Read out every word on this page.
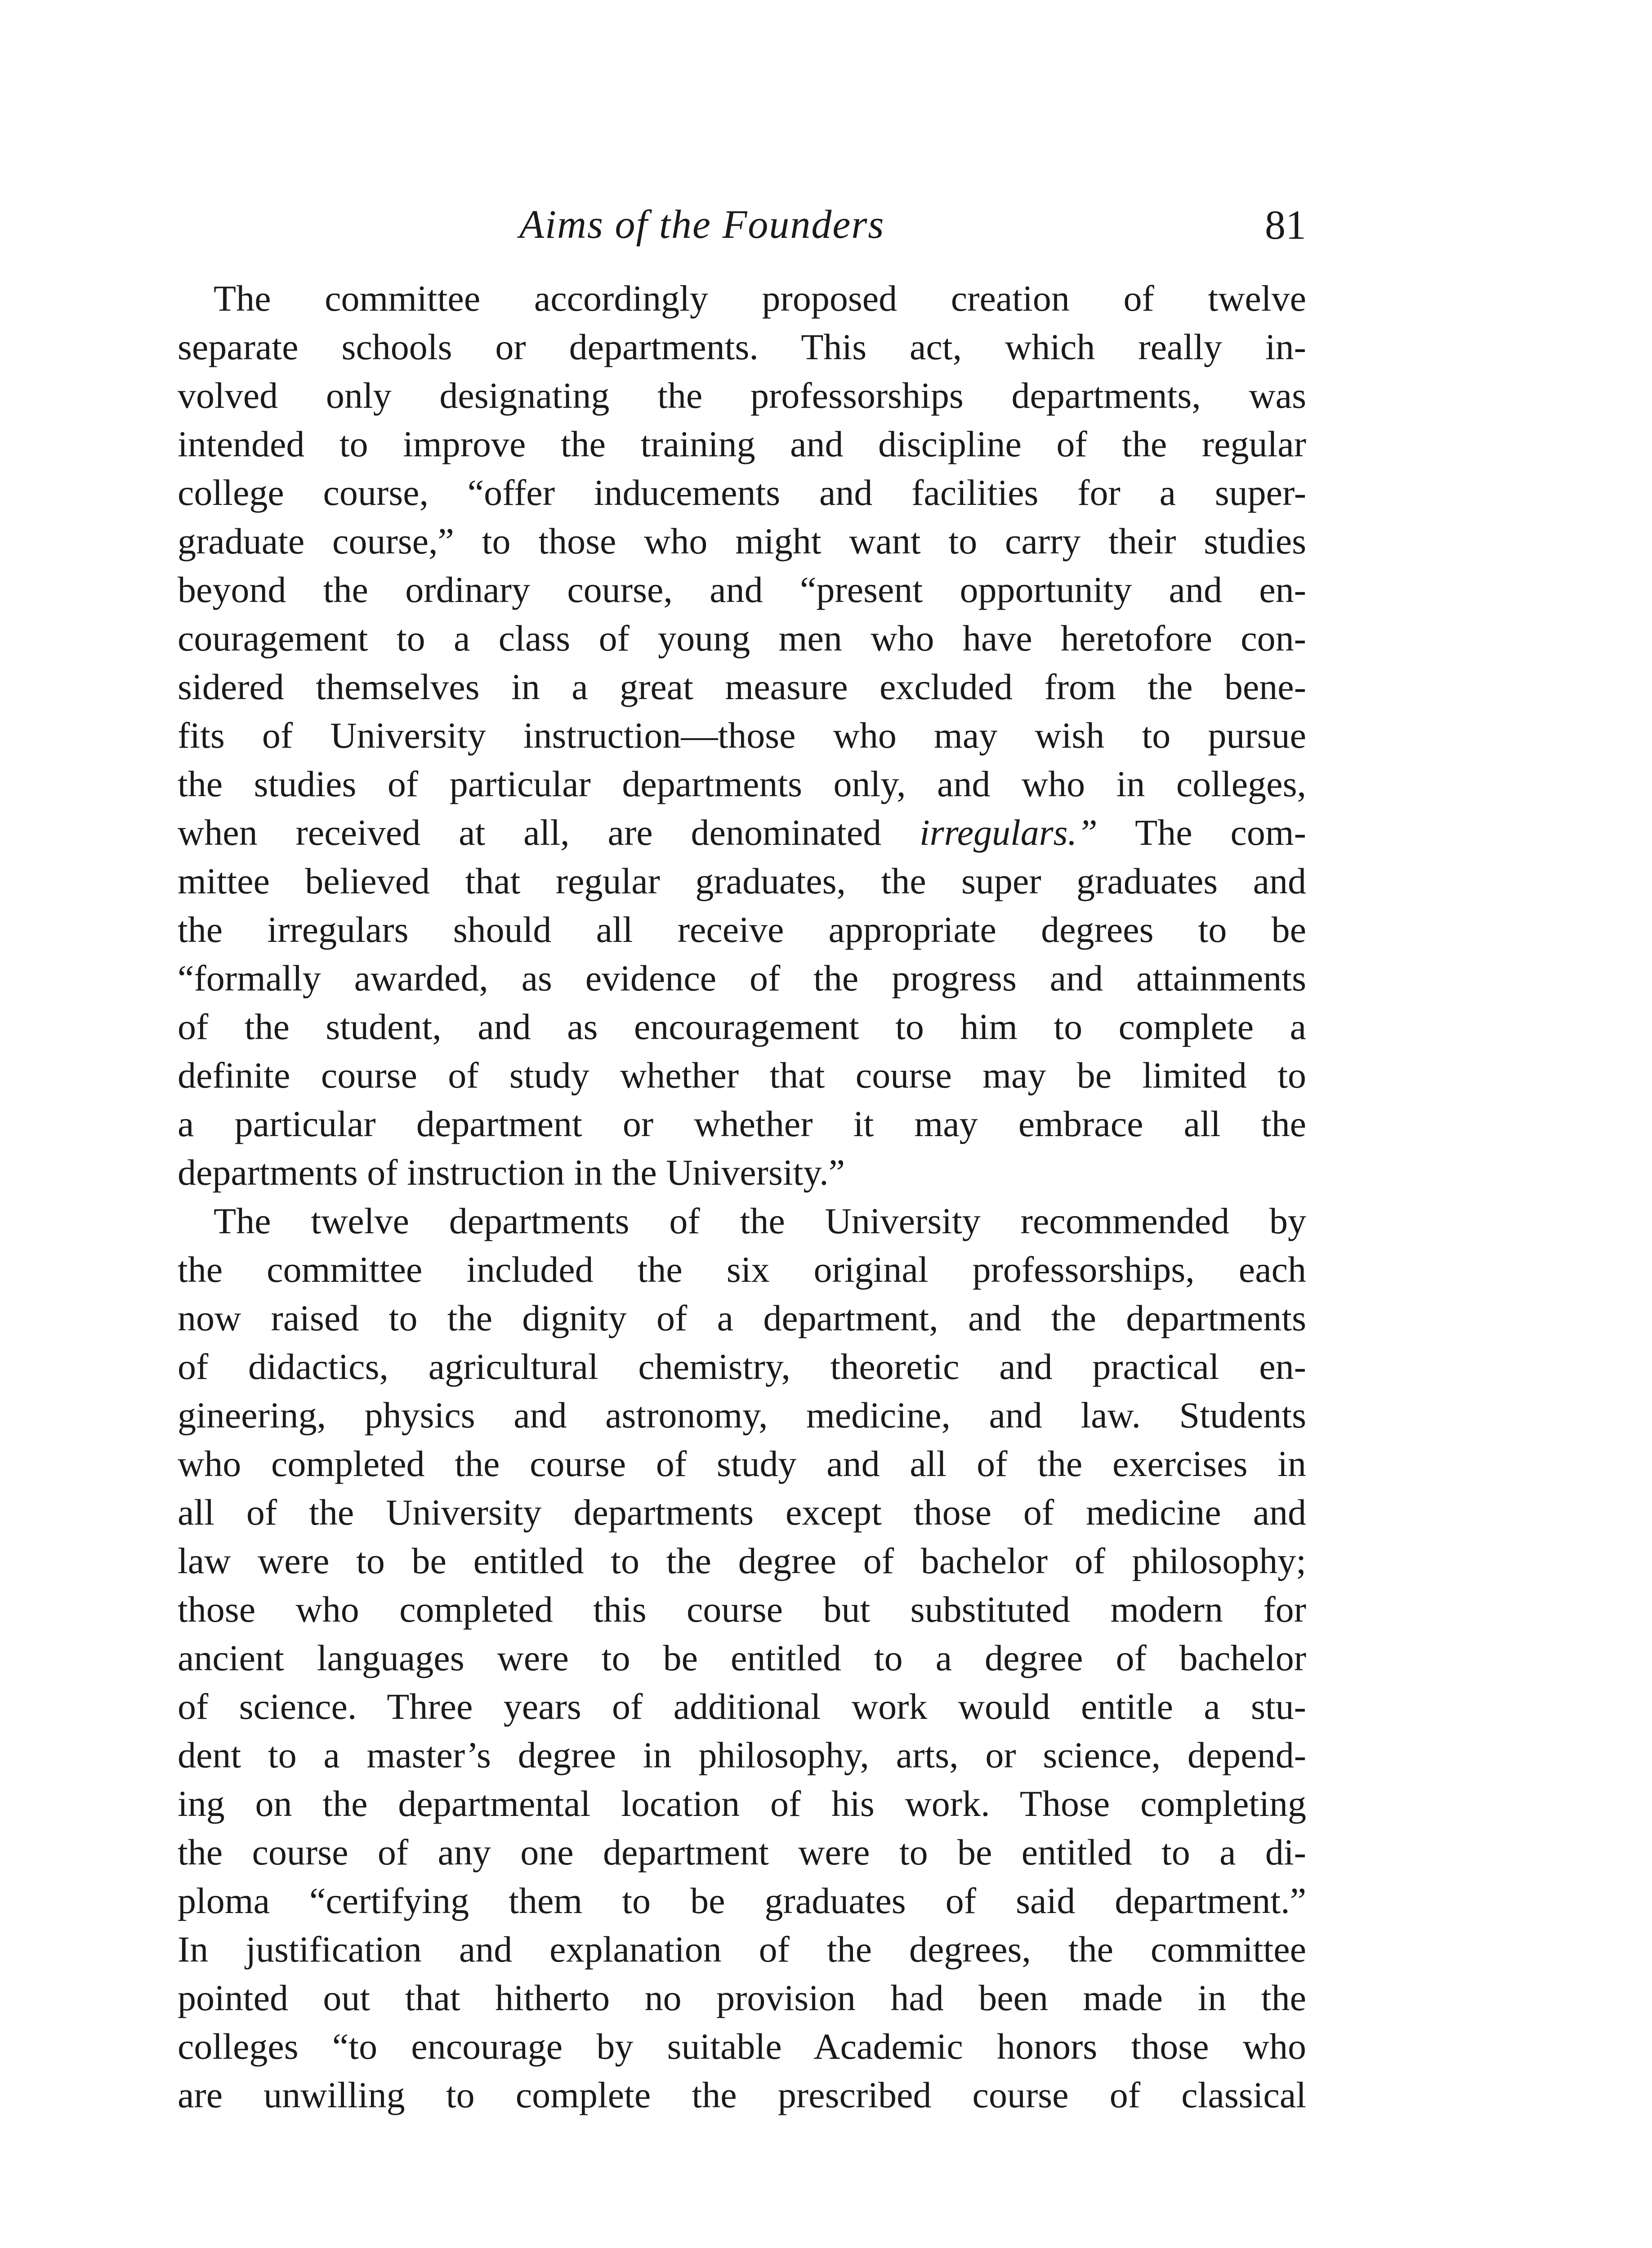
Aims of the Founders	81
The committee accordingly proposed creation of twelve
separate schools or departments. This act, which really in-
volved only designating the professorships departments, was
intended to improve the training and discipline of the regular
college course, “offer inducements and facilities for a super-
graduate course,” to those who might want to carry their studies
beyond the ordinary course, and “present opportunity and en-
couragement to a class of young men who have heretofore con-
sidered themselves in a great measure excluded from the bene-
fits of University instruction—those who may wish to pursue
the studies of particular departments only, and who in colleges,
when received at all, are denominated irregulars.” The com-
mittee believed that regular graduates, the super graduates and
the irregulars should all receive appropriate degrees to be
“formally awarded, as evidence of the progress and attainments
of the student, and as encouragement to him to complete a
definite course of study whether that course may be limited to
a particular department or whether it may embrace all the
departments of instruction in the University.”
The twelve departments of the University recommended by
the committee included the six original professorships, each
now raised to the dignity of a department, and the departments
of didactics, agricultural chemistry, theoretic and practical en-
gineering, physics and astronomy, medicine, and law. Students
who completed the course of study and all of the exercises in
all of the University departments except those of medicine and
law were to be entitled to the degree of bachelor of philosophy;
those who completed this course but substituted modern for
ancient languages were to be entitled to a degree of bachelor
of science. Three years of additional work would entitle a stu-
dent to a master’s degree in philosophy, arts, or science, depend-
ing on the departmental location of his work. Those completing
the course of any one department were to be entitled to a di-
ploma “certifying them to be graduates of said department.”
In justification and explanation of the degrees, the committee
pointed out that hitherto no provision had been made in the
colleges “to encourage by suitable Academic honors those who
are unwilling to complete the prescribed course of classical
